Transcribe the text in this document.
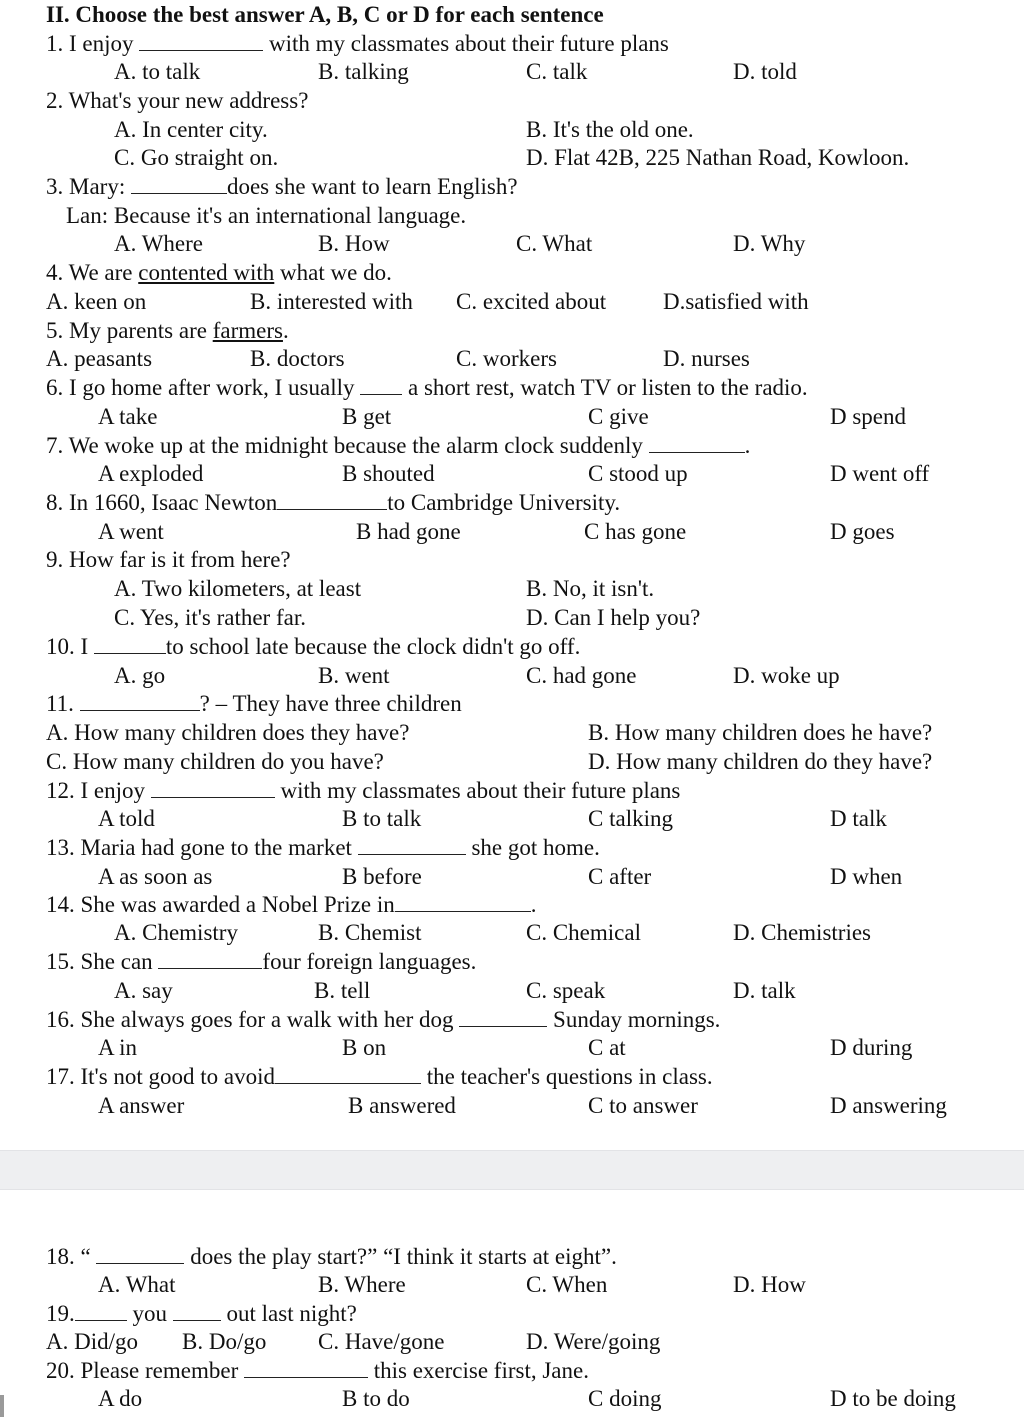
II. Choose the best answer A, B, C or D for each sentence
1. I enjoy	with my classmates about their future plans
A. to talk	B. talking	C. talk	D. told
2. What's your new address?
A. In center city.	B. It's the old one.
C. Go straight on.	D. Flat 42B, 225 Nathan Road, Kowloon.
3. Mary:	does she want to learn English?
Lan: Because it's an international language.
A. Where	B. How	C. What	D. Why
4. We are contented with what we do.
A. keen on	B. interested with C. excited about D.satisfied with
5. My parents are farmers.
A. peasants	B. doctors	C. workers	D. nurses
6. I go home after work, I usually a short rest, watch TV or listen to the radio.
A take	B get	C give	D spend
7. We woke up at the midnight because the alarm clock suddenly	.
A exploded	B shouted	C stood up	D went off
8. In 1660, Isaac Newton	to Cambridge University.
A went	B had gone	C has gone	D goes
9. How far is it from here?
A. Two kilometers, at least	B. No, it isn't.
C. Yes, it's rather far.	D. Can I help you?
10. I	to school late because the clock didn't go off.
A. go	B. went	C. had gone	D. woke up
11.	? – They have three children
A. How many children does they have?	B. How many children does he have?
C. How many children do you have?	D. How many children do they have?
12. I enjoy	with my classmates about their future plans
A told	B to talk	C talking	D talk
13. Maria had gone to the market	she got home.
A as soon as	B before	C after	D when
14. She was awarded a Nobel Prize in	.
A. Chemistry	B. Chemist	C. Chemical	D. Chemistries
15. She can	four foreign languages.
A. say	B. tell	C. speak	D. talk
16. She always goes for a walk with her dog	Sunday mornings.
A in	B on	C at	D during
17. It's not good to avoid	the teacher's questions in class.
A answer	B answered	C to answer	D answering
18. “	does the play start?” “I think it starts at eight”.
A. What	B. Where	C. When	D. How
19.	you	out last night?
A. Did/go B. Do/go C. Have/gone	D. Were/going
20. Please remember	this exercise first, Jane.
A do	B to do	C doing	D to be doing
